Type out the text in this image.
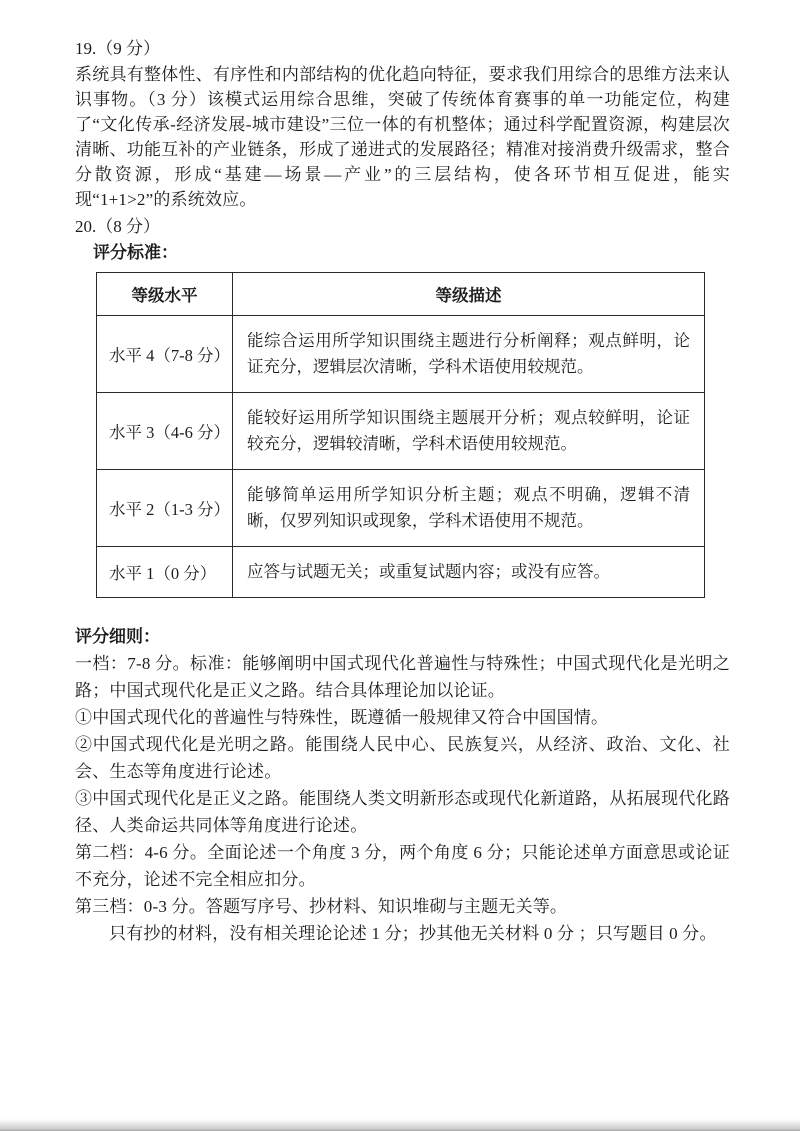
19.（9 分）

系统具有整体性、有序性和内部结构的优化趋向特征，要求我们用综合的思维方法来认识事物。（3 分）该模式运用综合思维，突破了传统体育赛事的单一功能定位，构建了“文化传承-经济发展-城市建设”三位一体的有机整体；通过科学配置资源，构建层次清晰、功能互补的产业链条，形成了递进式的发展路径；精准对接消费升级需求，整合分散资源，形成“基建—场景—产业”的三层结构，使各环节相互促进，能实现“1+1>2”的系统效应。

20.（8 分）
评分标准：
等级水平	等级描述
水平 4（7-8 分）	能综合运用所学知识围绕主题进行分析阐释；观点鲜明，论证充分，逻辑层次清晰，学科术语使用较规范。
水平 3（4-6 分）	能较好运用所学知识围绕主题展开分析；观点较鲜明，论证较充分，逻辑较清晰，学科术语使用较规范。
水平 2（1-3 分）	能够简单运用所学知识分析主题；观点不明确，逻辑不清晰，仅罗列知识或现象，学科术语使用不规范。
水平 1（0 分）	应答与试题无关；或重复试题内容；或没有应答。
评分细则：

一档：7-8 分。标准：能够阐明中国式现代化普遍性与特殊性；中国式现代化是光明之路；中国式现代化是正义之路。结合具体理论加以论证。

①中国式现代化的普遍性与特殊性，既遵循一般规律又符合中国国情。

②中国式现代化是光明之路。能围绕人民中心、民族复兴，从经济、政治、文化、社会、生态等角度进行论述。

③中国式现代化是正义之路。能围绕人类文明新形态或现代化新道路，从拓展现代化路径、人类命运共同体等角度进行论述。

第二档：4-6 分。全面论述一个角度 3 分，两个角度 6 分；只能论述单方面意思或论证不充分，论述不完全相应扣分。

第三档：0-3 分。答题写序号、抄材料、知识堆砌与主题无关等。

只有抄的材料，没有相关理论论述 1 分；抄其他无关材料 0 分 ；只写题目 0 分。
